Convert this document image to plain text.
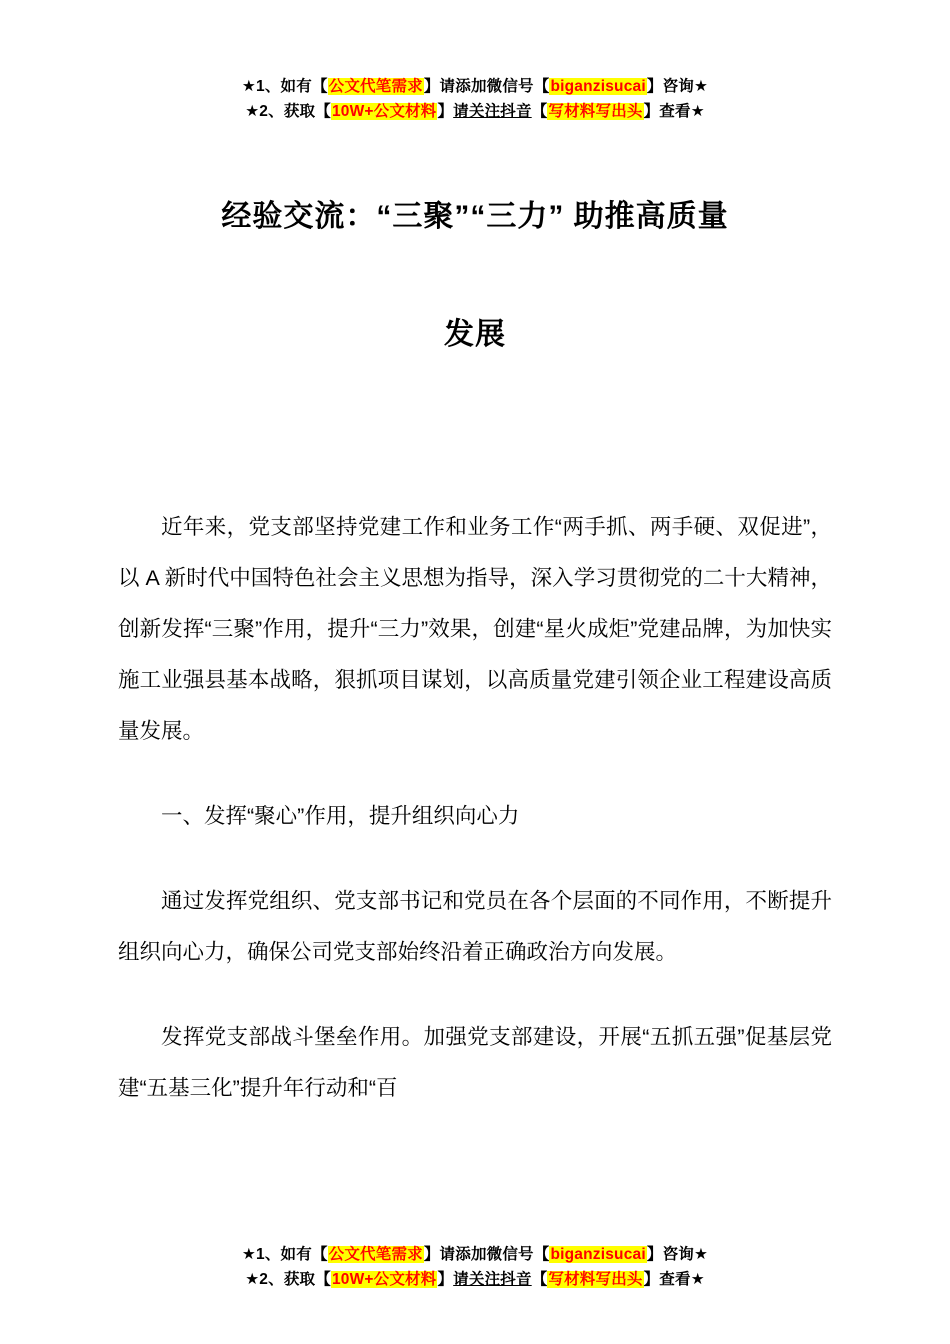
★1、如有【公文代笔需求】请添加微信号【biganzisucai】咨询★
★2、获取【10W+公文材料】请关注抖音【写材料写出头】查看★
经验交流：“三聚”“三力” 助推高质量
发展

近年来，党支部坚持党建工作和业务工作“两手抓、两手硬、双促进”，以 A 新时代中国特色社会主义思想为指导，深入学习贯彻党的二十大精神，创新发挥“三聚”作用，提升“三力”效果，创建“星火成炬”党建品牌，为加快实施工业强县基本战略，狠抓项目谋划，以高质量党建引领企业工程建设高质量发展。

一、发挥“聚心”作用，提升组织向心力

通过发挥党组织、党支部书记和党员在各个层面的不同作用，不断提升组织向心力，确保公司党支部始终沿着正确政治方向发展。

发挥党支部战斗堡垒作用。加强党支部建设，开展“五抓五强”促基层党建“五基三化”提升年行动和“百

★1、如有【公文代笔需求】请添加微信号【biganzisucai】咨询★
★2、获取【10W+公文材料】请关注抖音【写材料写出头】查看★
